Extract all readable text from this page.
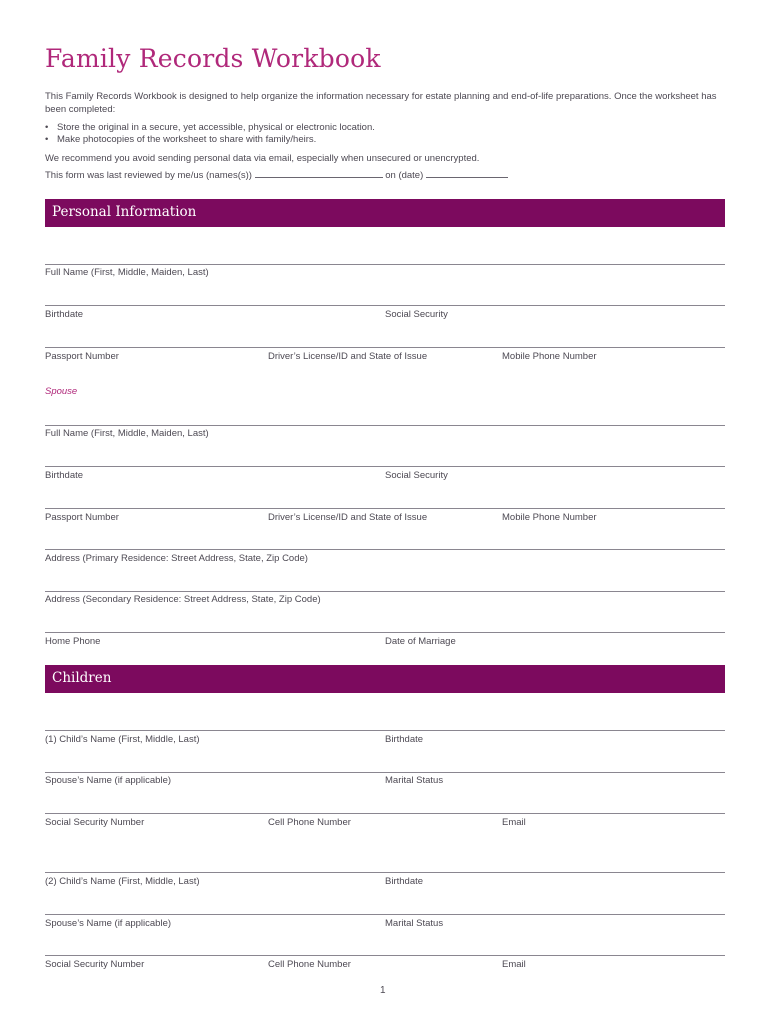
Family Records Workbook
This Family Records Workbook is designed to help organize the information necessary for estate planning and end-of-life preparations. Once the worksheet has been completed:
• Store the original in a secure, yet accessible, physical or electronic location.
• Make photocopies of the worksheet to share with family/heirs.
We recommend you avoid sending personal data via email, especially when unsecured or unencrypted.
This form was last reviewed by me/us (names(s))	on (date)
Personal Information
Full Name (First, Middle, Maiden, Last)
Birthdate	Social Security
Passport Number	Driver’s License/ID and State of Issue	Mobile Phone Number
Spouse
Full Name (First, Middle, Maiden, Last)
Birthdate	Social Security
Passport Number	Driver’s License/ID and State of Issue	Mobile Phone Number
Address (Primary Residence: Street Address, State, Zip Code)
Address (Secondary Residence: Street Address, State, Zip Code)
Home Phone	Date of Marriage
Children
(1) Child’s Name (First, Middle, Last)	Birthdate
Spouse’s Name (if applicable)	Marital Status
Social Security Number	Cell Phone Number	Email
(2) Child’s Name (First, Middle, Last)	Birthdate
Spouse’s Name (if applicable)	Marital Status
Social Security Number	Cell Phone Number	Email
1
